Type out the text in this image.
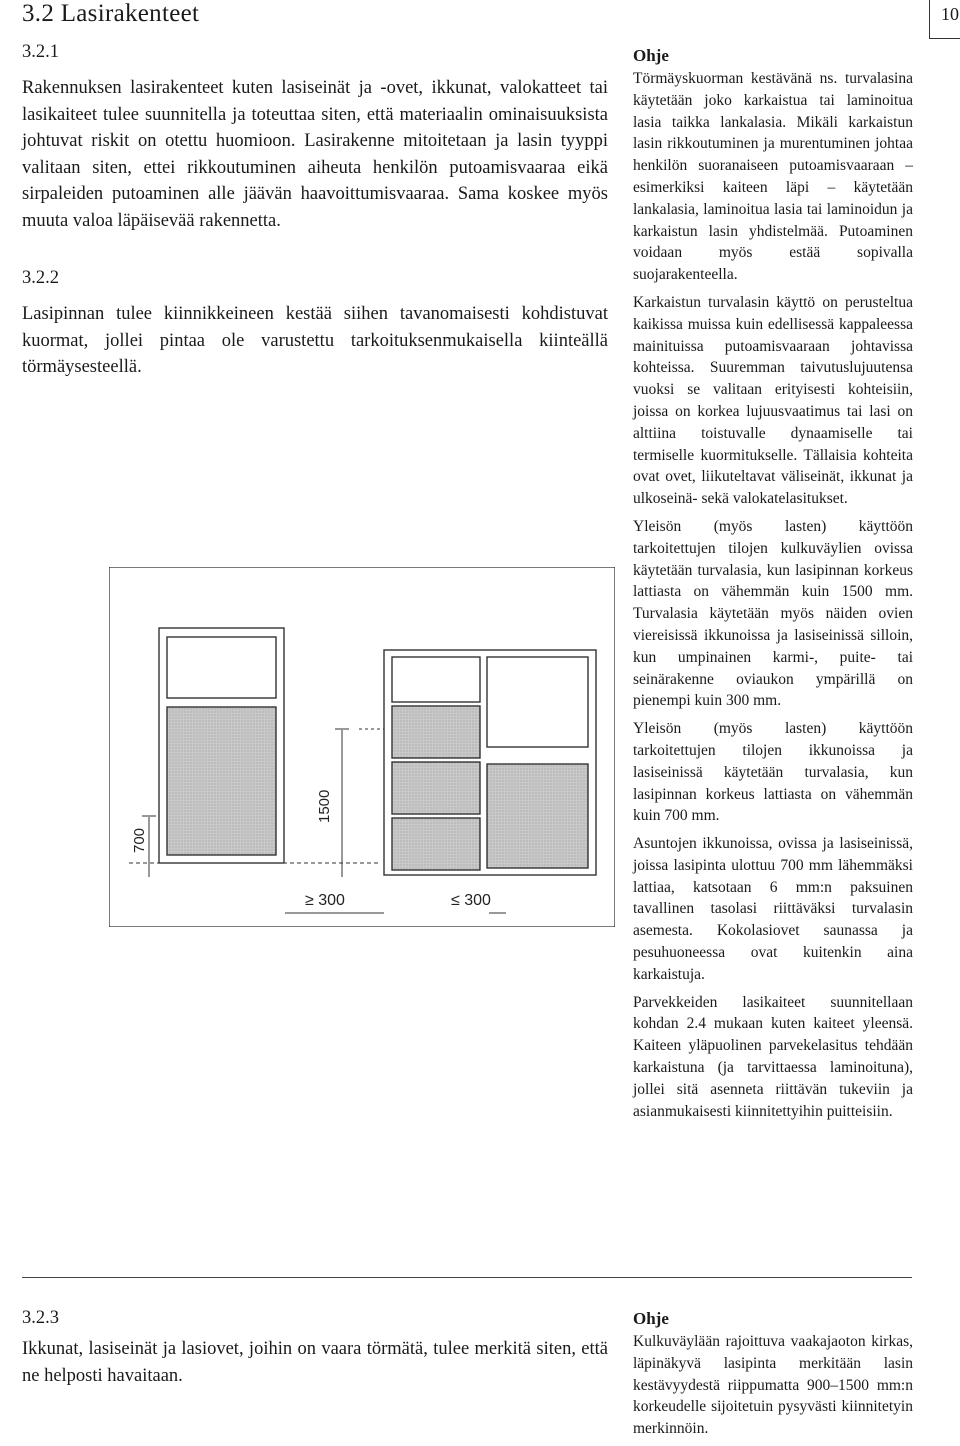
3.2 Lasirakenteet	10
3.2.1

Rakennuksen lasirakenteet kuten lasiseinät ja -ovet, ikkunat, valokatteet tai lasikaiteet tulee suunnitella ja toteuttaa siten, että materiaalin ominaisuuksista johtuvat riskit on otettu huomioon. Lasirakenne mitoitetaan ja lasin tyyppi valitaan siten, ettei rikkoutuminen aiheuta henkilön putoamisvaaraa eikä sirpaleiden putoaminen alle jäävän haavoittumisvaaraa. Sama koskee myös muuta valoa läpäisevää rakennetta.

3.2.2

Lasipinnan tulee kiinnikkeineen kestää siihen tavanomaisesti kohdistuvat kuormat, jollei pintaa ole varustettu tarkoituksenmukaisella kiinteällä törmäysesteellä.

Ohje

Törmäyskuorman kestävänä ns. turvalasina käytetään joko karkaistua tai laminoitua lasia taikka lankalasia. Mikäli karkaistun lasin rikkoutuminen ja murentuminen johtaa henkilön suoranaiseen putoamisvaaraan – esimerkiksi kaiteen läpi – käytetään lankalasia, laminoitua lasia tai laminoidun ja karkaistun lasin yhdistelmää. Putoaminen voidaan myös estää sopivalla suojarakenteella.

Karkaistun turvalasin käyttö on perusteltua kaikissa muissa kuin edellisessä kappaleessa mainituissa putoamisvaaraan johtavissa kohteissa. Suuremman taivutuslujuutensa vuoksi se valitaan erityisesti kohteisiin, joissa on korkea lujuusvaatimus tai lasi on alttiina toistuvalle dynaamiselle tai termiselle kuormitukselle. Tällaisia kohteita ovat ovet, liikuteltavat väliseinät, ikkunat ja ulkoseinä- sekä valokatelasitukset.

Yleisön (myös lasten) käyttöön tarkoitettujen tilojen kulkuväylien ovissa käytetään turvalasia, kun lasipinnan korkeus lattiasta on vähemmän kuin 1500 mm. Turvalasia käytetään myös näiden ovien viereisissä ikkunoissa ja lasiseinissä silloin, kun umpinainen karmi-, puite- tai seinärakenne oviaukon ympärillä on pienempi kuin 300 mm.

Yleisön (myös lasten) käyttöön tarkoitettujen tilojen ikkunoissa ja lasiseinissä käytetään turvalasia, kun lasipinnan korkeus lattiasta on vähemmän kuin 700 mm.

Asuntojen ikkunoissa, ovissa ja lasiseinissä, joissa lasipinta ulottuu 700 mm lähemmäksi lattiaa, katsotaan 6 mm:n paksuinen tavallinen tasolasi riittäväksi turvalasin asemesta. Kokolasiovet saunassa ja pesuhuoneessa ovat kuitenkin aina karkaistuja.

Parvekkeiden lasikaiteet suunnitellaan kohdan 2.4 mukaan kuten kaiteet yleensä. Kaiteen yläpuolinen parvekelasitus tehdään karkaistuna (ja tarvittaessa laminoituna), jollei sitä asenneta riittävän tukeviin ja asianmukaisesti kiinnitettyihin puitteisiin.

700
1500
≥ 300	≤ 300
3.2.3

Ikkunat, lasiseinät ja lasiovet, joihin on vaara törmätä, tulee merkitä siten, että ne helposti havaitaan.

Ohje

Kulkuväylään rajoittuva vaakajaoton kirkas, läpinäkyvä lasipinta merkitään lasin kestävyydestä riippumatta 900–1500 mm:n korkeudelle sijoitetuin pysyvästi kiinnitetyin merkinnöin.
